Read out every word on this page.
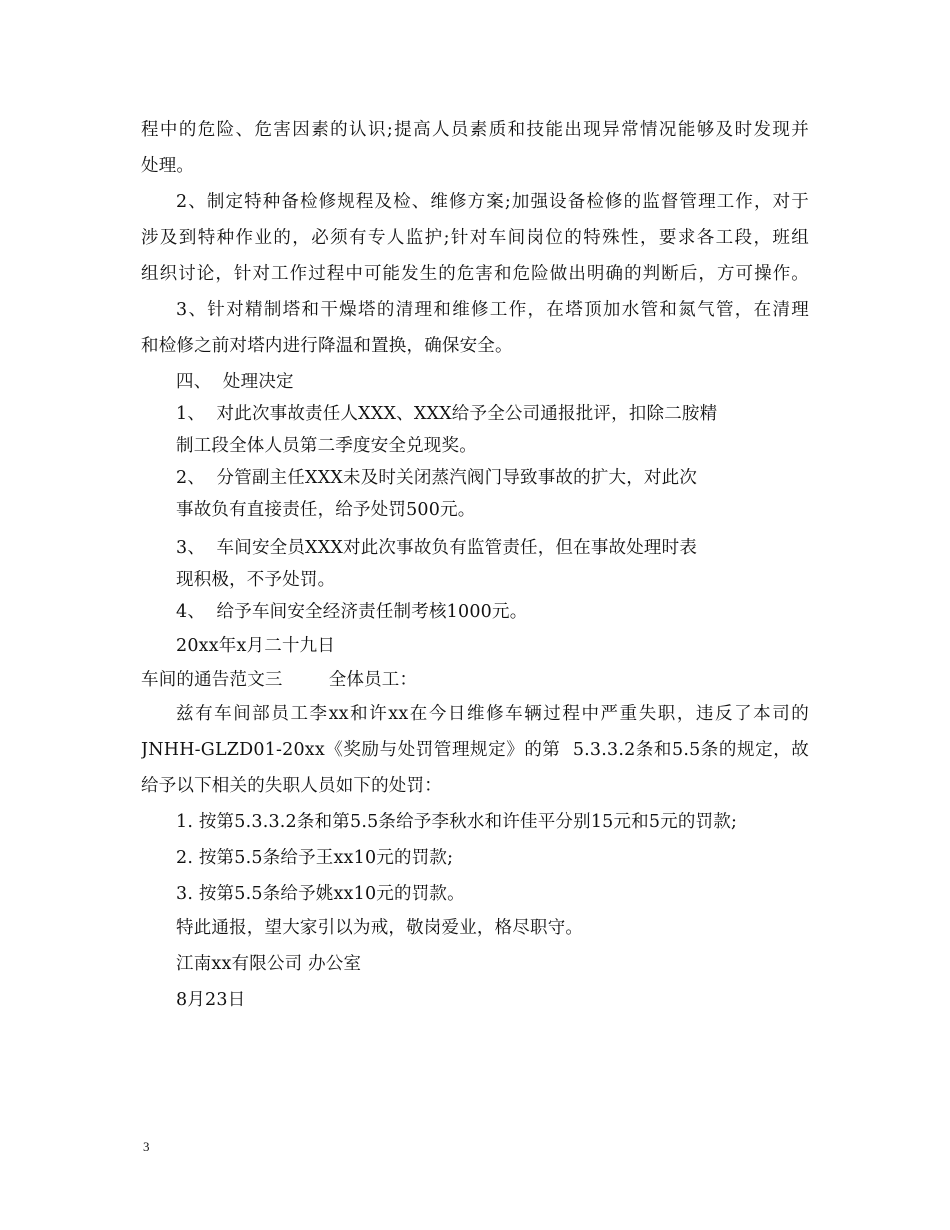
程中的危险、危害因素的认识;提高人员素质和技能出现异常情况能够及时发现并
处理。
2、制定特种备检修规程及检、维修方案;加强设备检修的监督管理工作，对于
涉及到特种作业的，必须有专人监护;针对车间岗位的特殊性，要求各工段，班组
组织讨论，针对工作过程中可能发生的危害和危险做出明确的判断后，方可操作。
3、针对精制塔和干燥塔的清理和维修工作，在塔顶加水管和氮气管，在清理
和检修之前对塔内进行降温和置换，确保安全。
四、  处理决定
1、  对此次事故责任人XXX、XXX给予全公司通报批评，扣除二胺精
制工段全体人员第二季度安全兑现奖。
2、  分管副主任XXX未及时关闭蒸汽阀门导致事故的扩大，对此次
事故负有直接责任，给予处罚500元。
3、  车间安全员XXX对此次事故负有监管责任，但在事故处理时表
现积极，不予处罚。
4、  给予车间安全经济责任制考核1000元。
20xx年x月二十九日
车间的通告范文三        全体员工：
兹有车间部员工李xx和许xx在今日维修车辆过程中严重失职，违反了本司的
JNHH-GLZD01-20xx《奖励与处罚管理规定》的第  5.3.3.2条和5.5条的规定，故
给予以下相关的失职人员如下的处罚：
1. 按第5.3.3.2条和第5.5条给予李秋水和许佳平分别15元和5元的罚款;
2. 按第5.5条给予王xx10元的罚款;
3. 按第5.5条给予姚xx10元的罚款。
特此通报，望大家引以为戒，敬岗爱业，格尽职守。
江南xx有限公司 办公室
8月23日
3
